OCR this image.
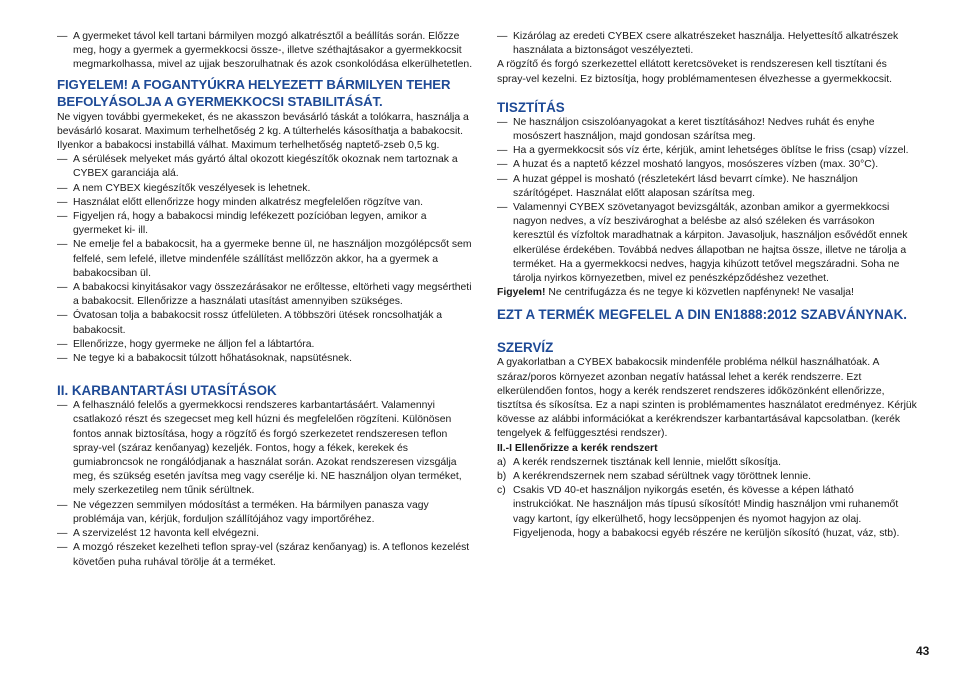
— A gyermeket távol kell tartani bármilyen mozgó alkatrésztől a beállítás során. Előzze meg, hogy a gyermek a gyermekkocsi össze-, illetve széthajtásakor a gyermekkocsit megmarkolhassa, mivel az ujjak beszorulhatnak és azok csonkolódása elkerülhetetlen.
FIGYELEM! A FOGANTYÚKRA HELYEZETT BÁRMILYEN TEHER BEFOLYÁSOLJA A GYERMEKKOCSI STABILITÁSÁT.

Ne vigyen további gyermekeket, és ne akasszon bevásárló táskát a tolókarra, használja a bevásárló kosarat. Maximum terhelhetőség 2 kg. A túlterhelés kásosíthatja a babakocsit. Ilyenkor a babakocsi instabillá válhat. Maximum terhelhetőség naptető-zseb 0,5 kg.

— A sérülések melyeket más gyártó által okozott kiegészítők okoznak nem tartoznak a CYBEX garanciája alá.
— A nem CYBEX kiegészítők veszélyesek is lehetnek.
— Használat előtt ellenőrizze hogy minden alkatrész megfelelően rögzítve van.
— Figyeljen rá, hogy a babakocsi mindig lefékezett pozícióban legyen, amikor a gyermeket ki- ill.
— Ne emelje fel a babakocsit, ha a gyermeke benne ül, ne használjon mozgólépcsőt sem felfelé, sem lefelé, illetve mindenféle szállítást mellőzzön akkor, ha a gyermek a babakocsiban ül.
— A babakocsi kinyitásakor vagy összezárásakor ne erőltesse, eltörheti vagy megsértheti a babakocsit. Ellenőrizze a használati utasítást amennyiben szükséges.
— Óvatosan tolja a babakocsit rossz útfelületen. A többszöri ütések roncsolhatják a babakocsit.
— Ellenőrizze, hogy gyermeke ne álljon fel a lábtartóra.
— Ne tegye ki a babakocsit túlzott hőhatásoknak, napsütésnek.
II. KARBANTARTÁSI UTASÍTÁSOK
— A felhasználó felelős a gyermekkocsi rendszeres karbantartásáért. Valamennyi csatlakozó részt és szegecset meg kell húzni és megfelelően rögzíteni. Különösen fontos annak biztosítása, hogy a rögzítő és forgó szerkezetet rendszeresen teflon spray-vel (száraz kenőanyag) kezeljék. Fontos, hogy a fékek, kerekek és gumiabroncsok ne rongálódjanak a használat során. Azokat rendszeresen vizsgálja meg, és szükség esetén javítsa meg vagy cserélje ki. NE használjon olyan terméket, mely szerkezetileg nem tűnik sérültnek.
— Ne végezzen semmilyen módosítást a terméken. Ha bármilyen panasza vagy problémája van, kérjük, forduljon szállítójához vagy importőréhez.
— A szervizelést 12 havonta kell elvégezni.
— A mozgó részeket kezelheti teflon spray-vel (száraz kenőanyag) is. A teflonos kezelést követően puha ruhával törölje át a terméket.
— Kizárólag az eredeti CYBEX csere alkatrészeket használja. Helyettesítő alkatrészek használata a biztonságot veszélyezteti.

A rögzítő és forgó szerkezettel ellátott keretcsöveket is rendszeresen kell tisztítani és spray-vel kezelni. Ez biztosítja, hogy problémamentesen élvezhesse a gyermekkocsit.

TISZTÍTÁS
— Ne használjon csiszolóanyagokat a keret tisztításához! Nedves ruhát és enyhe mosószert használjon, majd gondosan szárítsa meg.
— Ha a gyermekkocsit sós víz érte, kérjük, amint lehetséges öblítse le friss (csap) vízzel.
— A huzat és a naptető kézzel mosható langyos, mosószeres vízben (max. 30°C).
— A huzat géppel is mosható (részletekért lásd bevarrt címke). Ne használjon szárítógépet. Használat előtt alaposan szárítsa meg.
— Valamennyi CYBEX szövetanyagot bevizsgálták, azonban amikor a gyermekkocsi nagyon nedves, a víz beszivároghat a belésbe az alsó széleken és varrásokon keresztül és vízfoltok maradhatnak a kárpiton. Javasoljuk, használjon esővédőt ennek elkerülése érdekében. Továbbá nedves állapotban ne hajtsa össze, illetve ne tárolja a terméket. Ha a gyermekkocsi nedves, hagyja kihúzott tetővel megszáradni. Soha ne tárolja nyirkos környezetben, mivel ez penészképződéshez vezethet.

Figyelem! Ne centrifugázza és ne tegye ki közvetlen napfénynek! Ne vasalja!

EZT A TERMÉK MEGFELEL A DIN EN1888:2012 SZABVÁNYNAK.
SZERVÍZ

A gyakorlatban a CYBEX babakocsik mindenféle probléma nélkül használhatóak. A száraz/poros környezet azonban negatív hatással lehet a kerék rendszerre. Ezt elkerülendően fontos, hogy a kerék rendszeret rendszeres időközönként ellenőrizze, tisztítsa és síkosítsa. Ez a napi szinten is problémamentes használatot eredményez. Kérjük kövesse az alábbi információkat a kerékrendszer karbantartásával kapcsolatban. (kerék tengelyek & felfüggesztési rendszer).

II.-I Ellenőrizze a kerék rendszert
a) A kerék rendszernek tisztának kell lennie, mielőtt síkosítja.
b) A kerékrendszernek nem szabad sérültnek vagy töröttnek lennie.
c) Csakis VD 40-et használjon nyikorgás esetén, és kövesse a képen látható instrukciókat. Ne használjon más típusú síkosítót! Mindig használjon vmi ruhanemőt vagy kartont, így elkerülhető, hogy lecsöppenjen és nyomot hagyjon az olaj. Figyeljenoda, hogy a babakocsi egyéb részére ne kerüljön síkosító (huzat, váz, stb).
43
